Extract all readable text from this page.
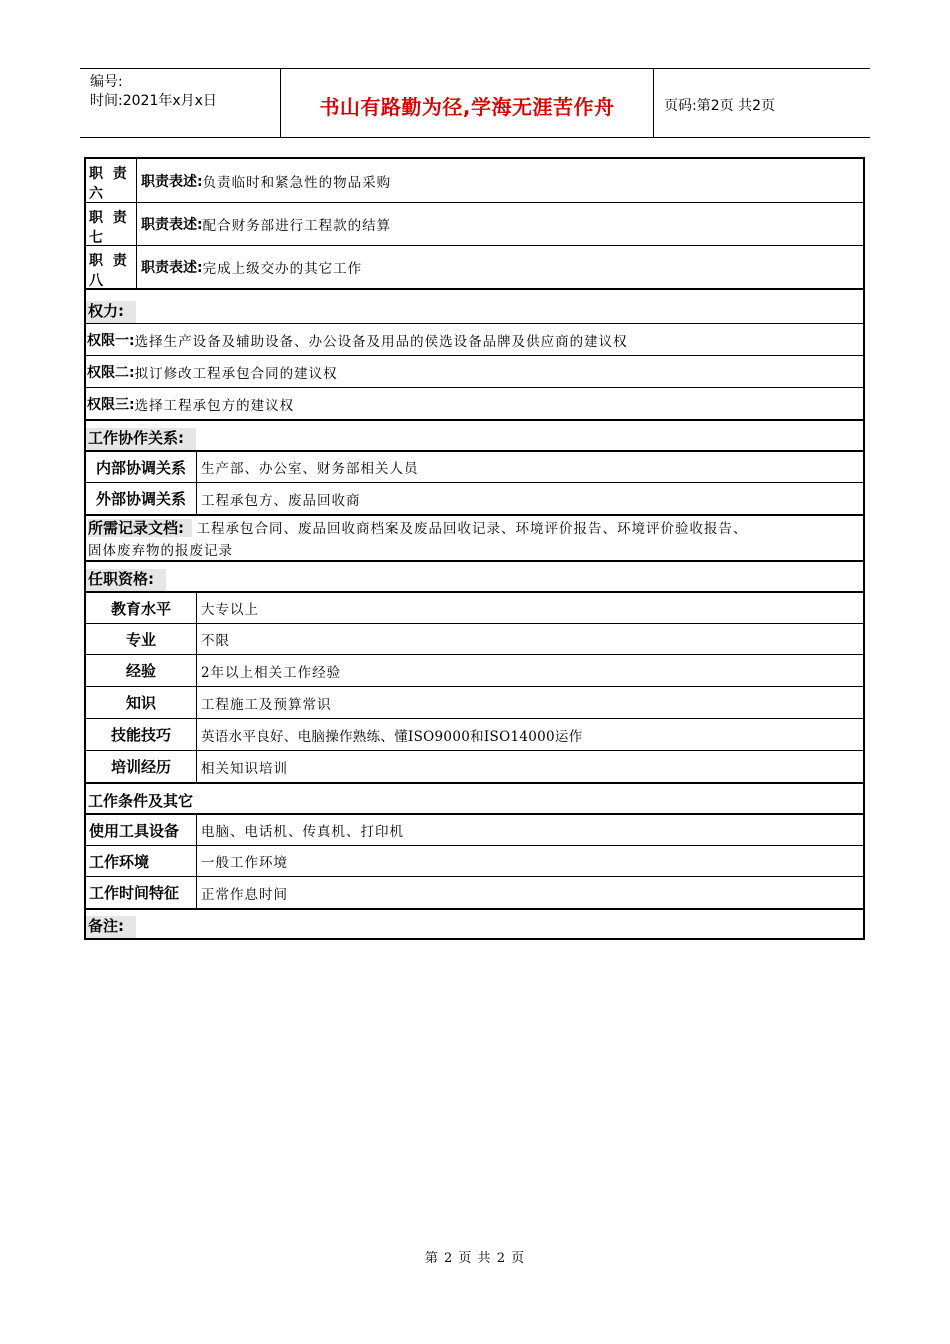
编号:
时间:2021年x月x日	书山有路勤为径,学海无涯苦作舟	页码:第2页 共2页
职  责
六
职责表述: 负责临时和紧急性的物品采购
职  责
七
职责表述: 配合财务部进行工程款的结算
职  责
八
职责表述: 完成上级交办的其它工作
权力:
权限一: 选择生产设备及辅助设备、办公设备及用品的侯选设备品牌及供应商的建议权
权限二: 拟订修改工程承包合同的建议权
权限三: 选择工程承包方的建议权
工作协作关系:
内部协调关系	生产部、办公室、财务部相关人员
外部协调关系	工程承包方、废品回收商
所需记录文档: 工程承包合同、废品回收商档案及废品回收记录、环境评价报告、环境评价验收报告、
固体废弃物的报废记录
任职资格:
教育水平	大专以上
专业	不限
经验	2年以上相关工作经验
知识	工程施工及预算常识
技能技巧	英语水平良好、电脑操作熟练、懂ISO9000和ISO14000运作
培训经历	相关知识培训
工作条件及其它
使用工具设备	电脑、电话机、传真机、打印机
工作环境	一般工作环境
工作时间特征	正常作息时间
备注:
第 2 页 共 2 页
